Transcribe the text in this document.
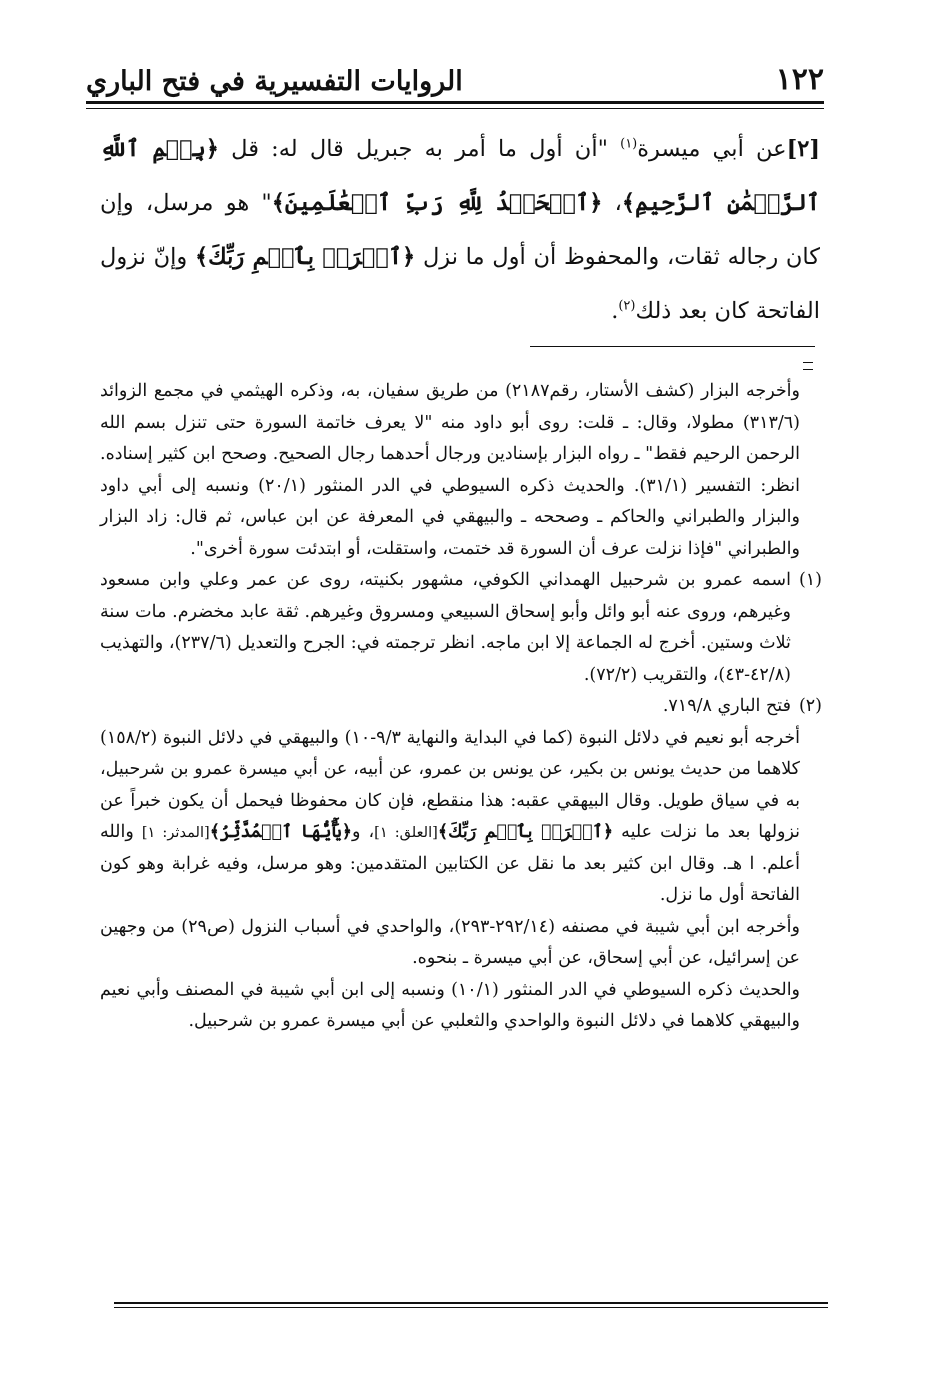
١٢٢
الروايات التفسيرية في فتح الباري
[٢]عن أبي ميسرة$^{(١)}$ "أن أول ما أمر به جبريل قال له: قل ﴿بِسۡمِ ٱللَّهِ ٱلرَّحۡمَٰنِ ٱلرَّحِيمِ﴾، ﴿ٱلۡحَمۡدُ لِلَّهِ رَبِّ ٱلۡعَٰلَمِينَ﴾" هو مرسل، وإن كان رجاله ثقات، والمحفوظ أن أول ما نزل ﴿ٱقۡرَأۡ بِٱسۡمِ رَبِّكَ﴾ وإنّ نزول الفاتحة كان بعد ذلك$^{(٢)}$.

وأخرجه البزار (كشف الأستار، رقم٢١٨٧) من طريق سفيان، به، وذكره الهيثمي في مجمع الزوائد (٣١٣/٦) مطولا، وقال: ـ قلت: روى أبو داود منه "لا يعرف خاتمة السورة حتى تنزل بسم الله الرحمن الرحيم فقط" ـ رواه البزار بإسنادين ورجال أحدهما رجال الصحيح. وصحح ابن كثير إسناده. انظر: التفسير (٣١/١). والحديث ذكره السيوطي في الدر المنثور (٢٠/١) ونسبه إلى أبي داود والبزار والطبراني والحاكم ـ وصححه ـ والبيهقي في المعرفة عن ابن عباس، ثم قال: زاد البزار والطبراني "فإذا نزلت عرف أن السورة قد ختمت، واستقلت، أو ابتدئت سورة أخرى".

(١)
اسمه عمرو بن شرحبيل الهمداني الكوفي، مشهور بكنيته، روى عن عمر وعلي وابن مسعود وغيرهم، وروى عنه أبو وائل وأبو إسحاق السبيعي ومسروق وغيرهم. ثقة عابد مخضرم. مات سنة ثلاث وستين. أخرج له الجماعة إلا ابن ماجه. انظر ترجمته في: الجرح والتعديل (٢٣٧/٦)، والتهذيب (٤٢/٨-٤٣)، والتقريب (٧٢/٢).
(٢)
فتح الباري ٧١٩/٨.

أخرجه أبو نعيم في دلائل النبوة (كما في البداية والنهاية ٩/٣-١٠) والبيهقي في دلائل النبوة (١٥٨/٢) كلاهما من حديث يونس بن بكير، عن يونس بن عمرو، عن أبيه، عن أبي ميسرة عمرو بن شرحبيل، به في سياق طويل. وقال البيهقي عقبه: هذا منقطع، فإن كان محفوظا فيحمل أن يكون خبراً عن نزولها بعد ما نزلت عليه ﴿ٱقۡرَأۡ بِٱسۡمِ رَبِّكَ﴾[العلق: ١]، و﴿يَٰٓأَيُّهَا ٱلۡمُدَّثِّرُ﴾[المدثر: ١] والله أعلم. ا هـ. وقال ابن كثير بعد ما نقل عن الكتابين المتقدمين: وهو مرسل، وفيه غرابة وهو كون الفاتحة أول ما نزل.

وأخرجه ابن أبي شيبة في مصنفه (٢٩٢/١٤-٢٩٣)، والواحدي في أسباب النزول (ص٢٩) من وجهين عن إسرائيل، عن أبي إسحاق، عن أبي ميسرة ـ بنحوه.

والحديث ذكره السيوطي في الدر المنثور (١٠/١) ونسبه إلى ابن أبي شيبة في المصنف وأبي نعيم والبيهقي كلاهما في دلائل النبوة والواحدي والثعلبي عن أبي ميسرة عمرو بن شرحبيل.
